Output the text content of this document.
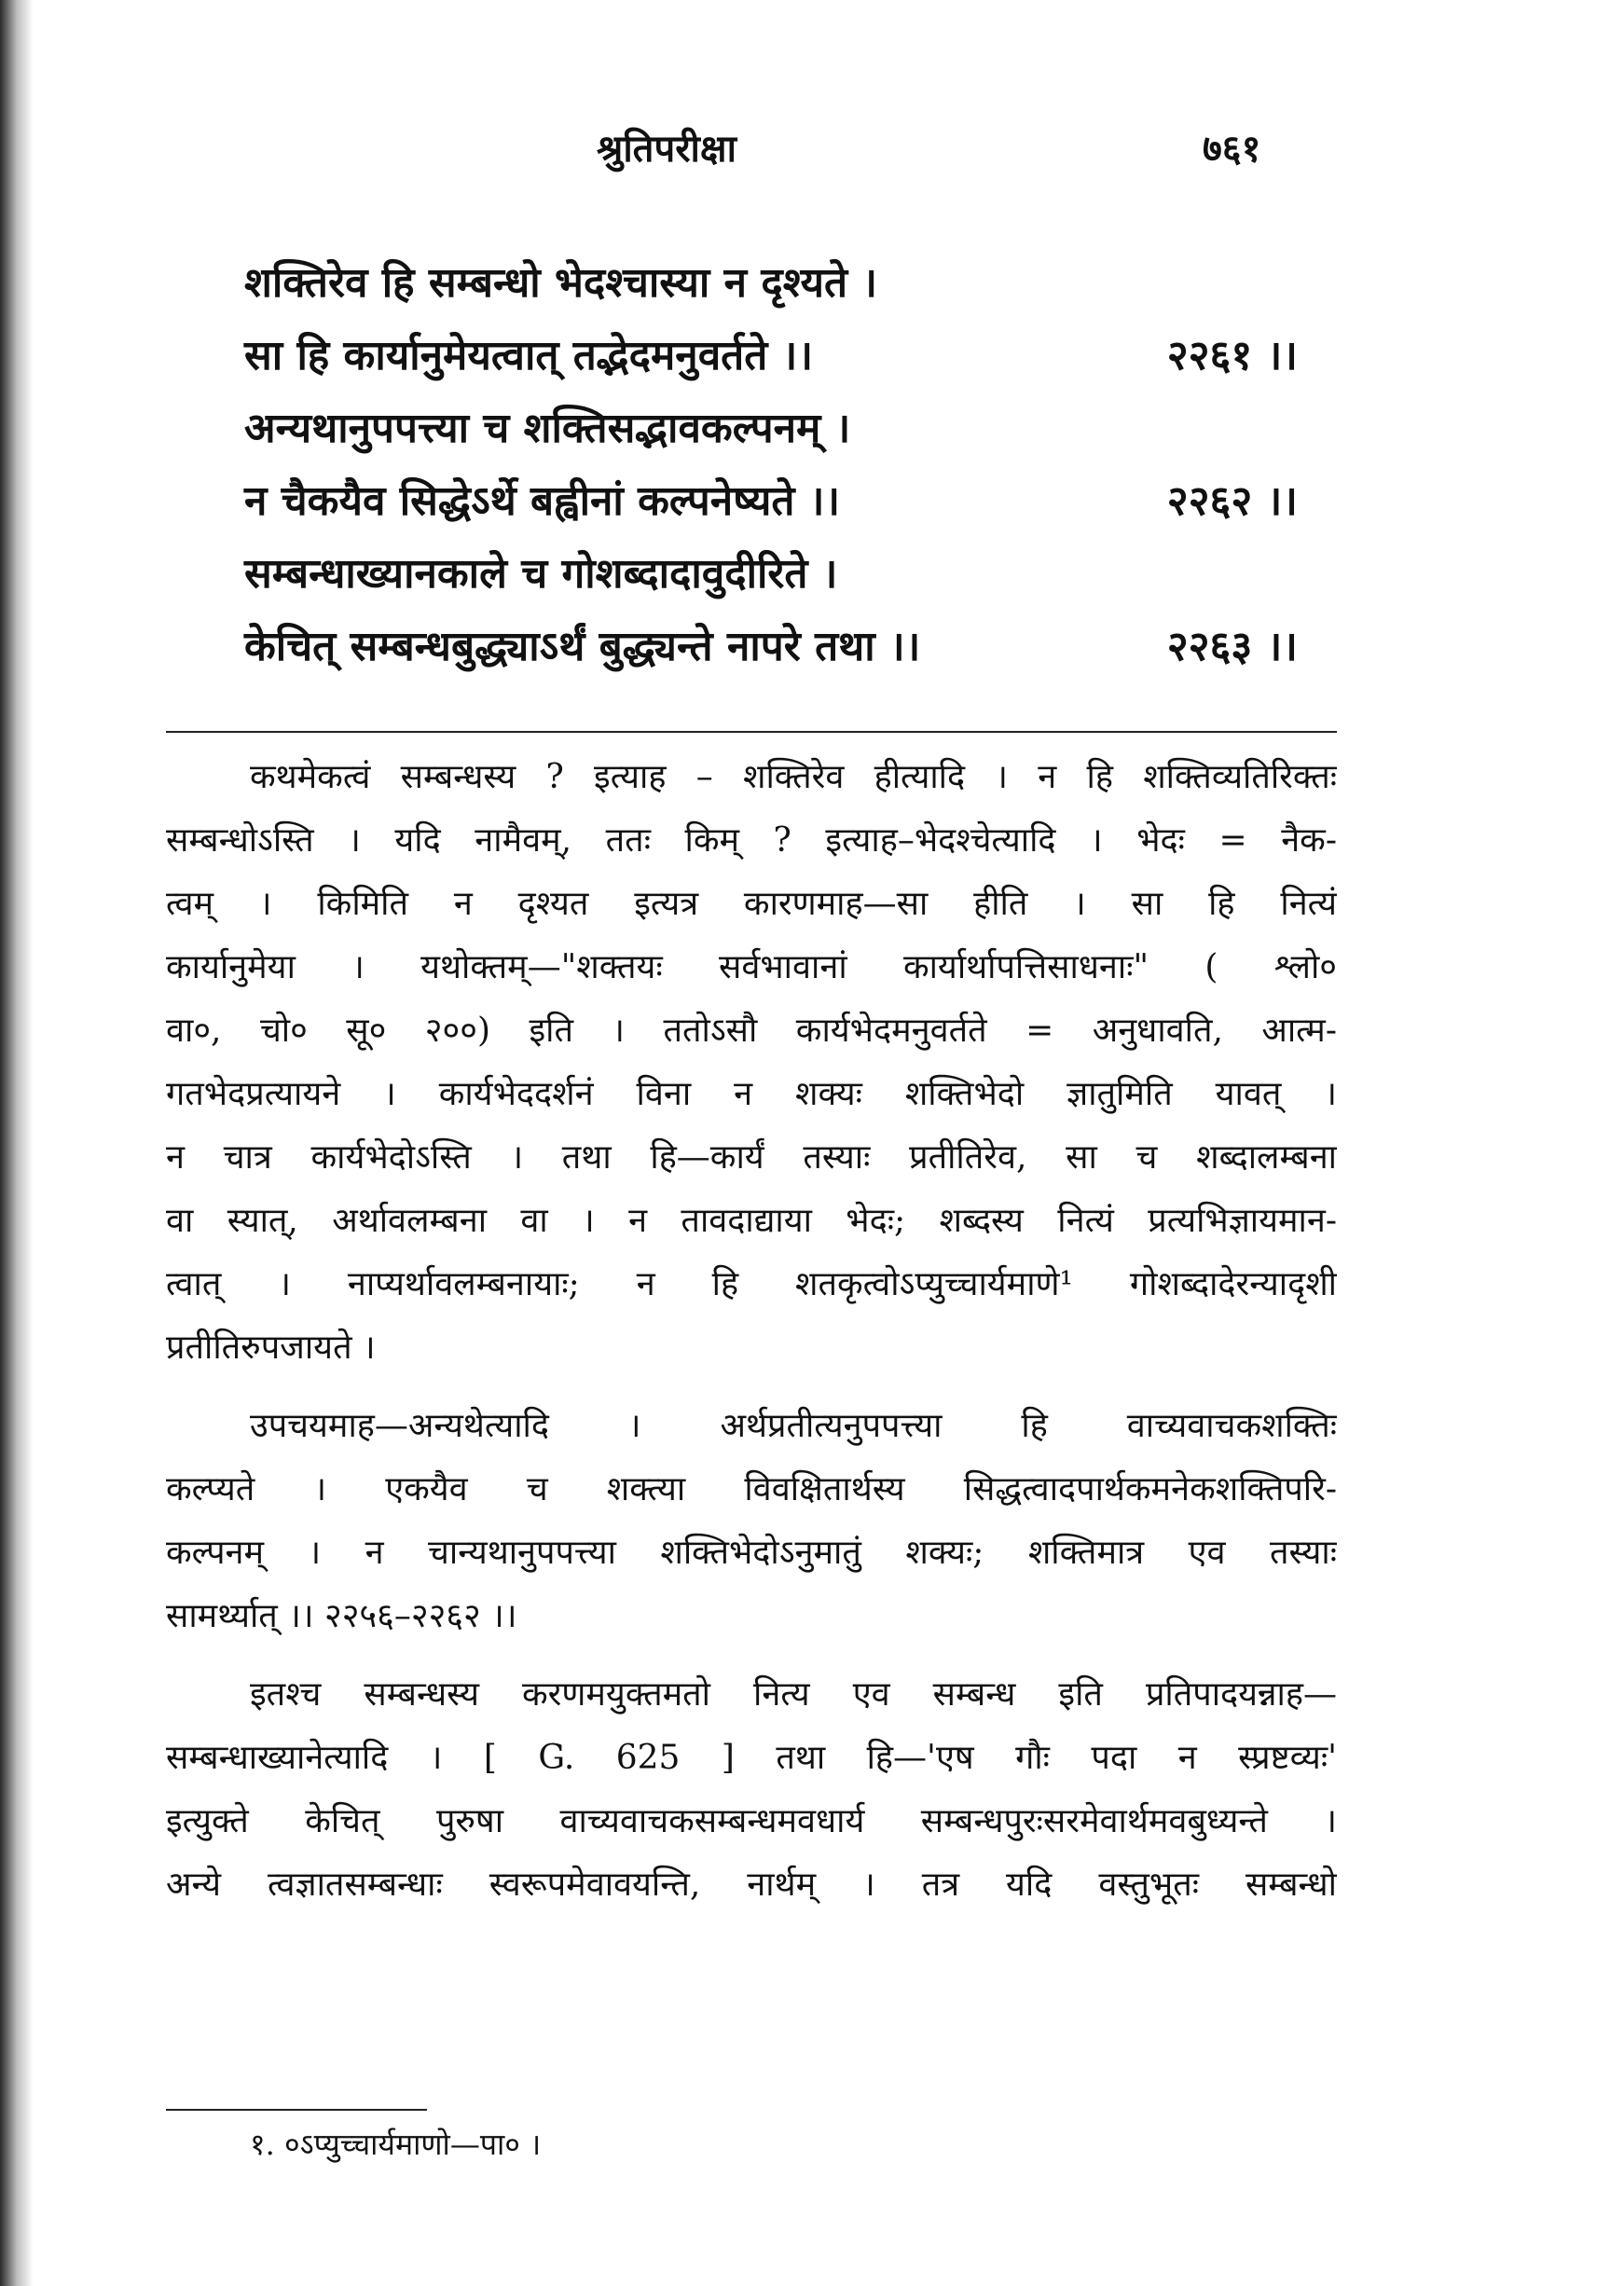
श्रुतिपरीक्षा	७६१
शक्तिरेव हि सम्बन्धो भेदश्चास्या न दृश्यते ।
सा हि कार्यानुमेयत्वात् तद्भेदमनुवर्तते ।।	२२६१ ।।
अन्यथानुपपत्त्या च शक्तिसद्भावकल्पनम् ।
न चैकयैव सिद्धेऽर्थे बह्वीनां कल्पनेष्यते ।।	२२६२ ।।
सम्बन्धाख्यानकाले च गोशब्दादावुदीरिते ।
केचित् सम्बन्धबुद्ध्याऽर्थं बुद्ध्यन्ते नापरे तथा ।।	२२६३ ।।
कथमेकत्वं सम्बन्धस्य ? इत्याह – शक्तिरेव हीत्यादि । न हि शक्तिव्यतिरिक्तः
सम्बन्धोऽस्ति । यदि नामैवम्, ततः किम् ? इत्याह–भेदश्चेत्यादि । भेदः = नैक-
त्वम् । किमिति न दृश्यत इत्यत्र कारणमाह—सा हीति । सा हि नित्यं
कार्यानुमेया । यथोक्तम्—"शक्तयः सर्वभावानां कार्यार्थापत्तिसाधनाः" ( श्लो०
वा०, चो० सू० २००) इति । ततोऽसौ कार्यभेदमनुवर्तते = अनुधावति, आत्म-
गतभेदप्रत्यायने । कार्यभेददर्शनं विना न शक्यः शक्तिभेदो ज्ञातुमिति यावत् ।
न चात्र कार्यभेदोऽस्ति । तथा हि—कार्यं तस्याः प्रतीतिरेव, सा च शब्दालम्बना
वा स्यात्, अर्थावलम्बना वा । न तावदाद्याया भेदः; शब्दस्य नित्यं प्रत्यभिज्ञायमान-
त्वात् । नाप्यर्थावलम्बनायाः; न हि शतकृत्वोऽप्युच्चार्यमाणे¹ गोशब्दादेरन्यादृशी
प्रतीतिरुपजायते ।
उपचयमाह—अन्यथेत्यादि । अर्थप्रतीत्यनुपपत्त्या हि वाच्यवाचकशक्तिः
कल्प्यते । एकयैव च शक्त्या विवक्षितार्थस्य सिद्धत्वादपार्थकमनेकशक्तिपरि-
कल्पनम् । न चान्यथानुपपत्त्या शक्तिभेदोऽनुमातुं शक्यः; शक्तिमात्र एव तस्याः
सामर्थ्यात् ।। २२५६–२२६२ ।।
इतश्च सम्बन्धस्य करणमयुक्तमतो नित्य एव सम्बन्ध इति प्रतिपादयन्नाह—
सम्बन्धाख्यानेत्यादि । [ G. 625 ] तथा हि—'एष गौः पदा न स्प्रष्टव्यः'
इत्युक्ते केचित् पुरुषा वाच्यवाचकसम्बन्धमवधार्य सम्बन्धपुरःसरमेवार्थमवबुध्यन्ते ।
अन्ये त्वज्ञातसम्बन्धाः स्वरूपमेवावयन्ति, नार्थम् । तत्र यदि वस्तुभूतः सम्बन्धो
१. ०ऽप्युच्चार्यमाणो—पा० ।
